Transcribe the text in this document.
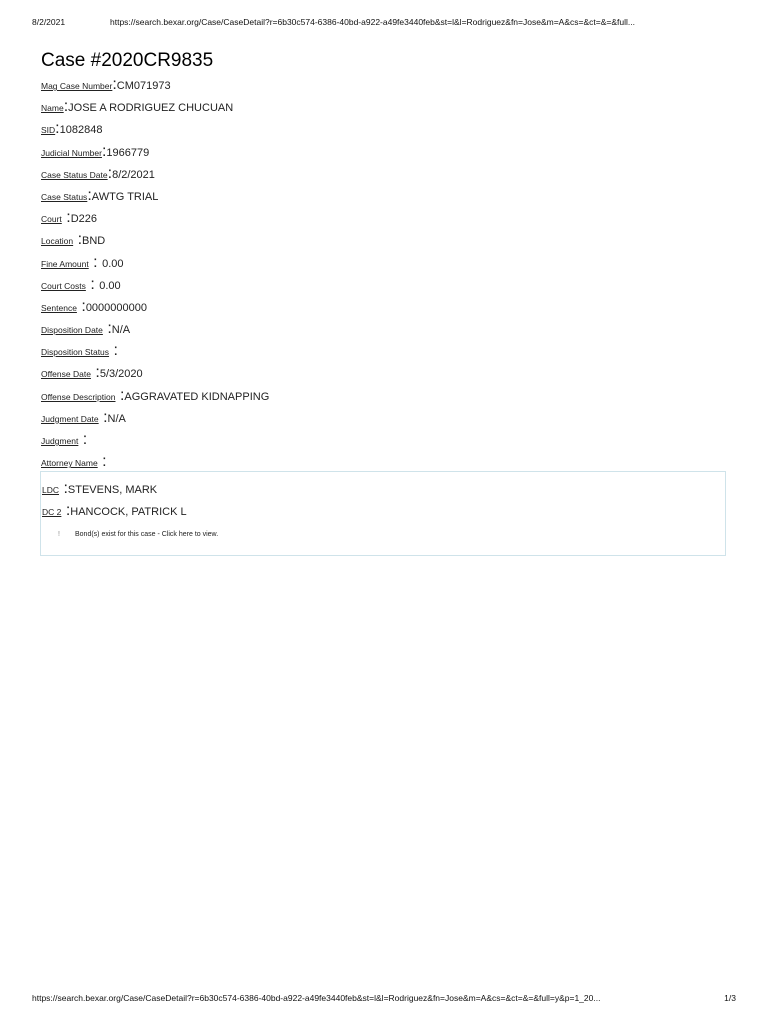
8/2/2021	https://search.bexar.org/Case/CaseDetail?r=6b30c574-6386-40bd-a922-a49fe3440feb&st=l&l=Rodriguez&fn=Jose&m=A&cs=&ct=&=&full...
Case #2020CR9835
Mag Case Number:CM071973
Name:JOSE A RODRIGUEZ CHUCUAN
SID:1082848
Judicial Number:1966779
Case Status Date:8/2/2021
Case Status:AWTG TRIAL
Court :D226
Location :BND
Fine Amount : 0.00
Court Costs : 0.00
Sentence :0000000000
Disposition Date :N/A
Disposition Status :
Offense Date :5/3/2020
Offense Description :AGGRAVATED KIDNAPPING
Judgment Date :N/A
Judgment :
Attorney Name :
LDC :STEVENS, MARK
DC 2 :HANCOCK, PATRICK L
! Bond(s) exist for this case - Click here to view.
https://search.bexar.org/Case/CaseDetail?r=6b30c574-6386-40bd-a922-a49fe3440feb&st=l&l=Rodriguez&fn=Jose&m=A&cs=&ct=&=&full=y&p=1_20...	1/3
